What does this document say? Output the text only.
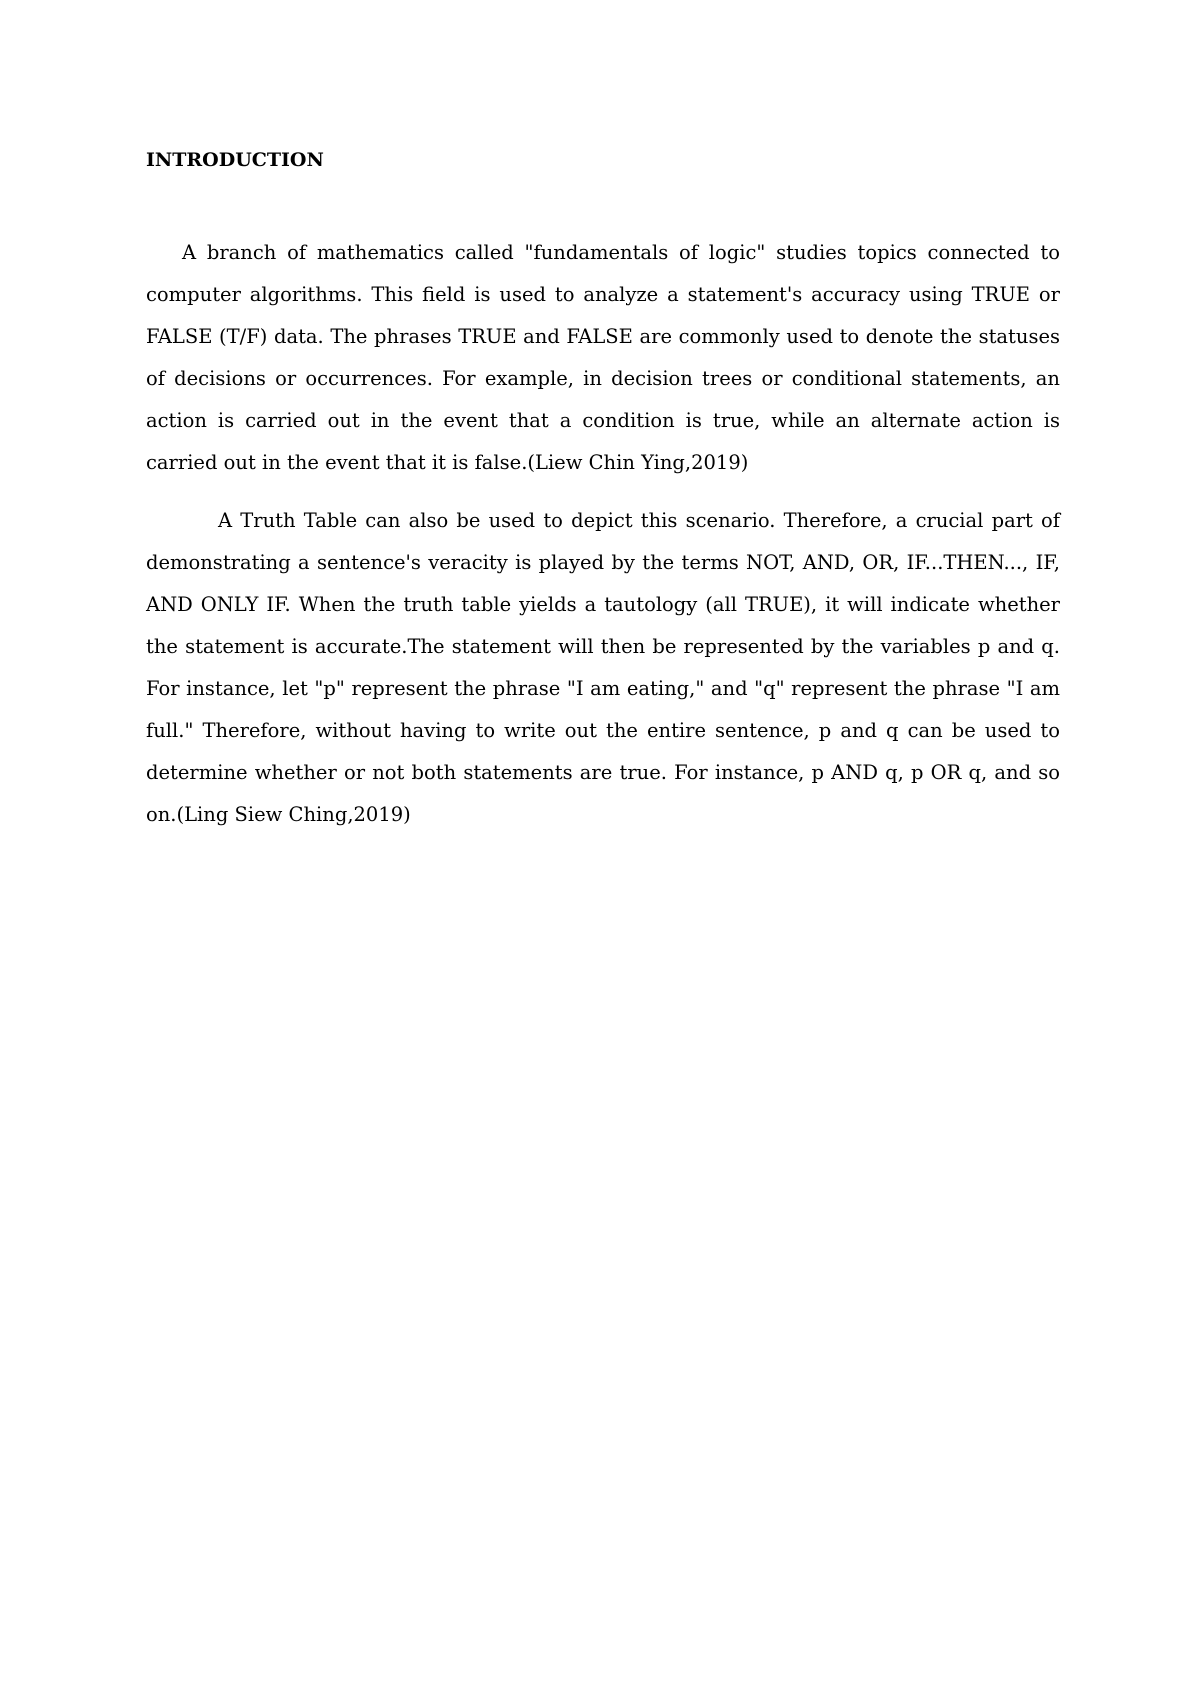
INTRODUCTION

A branch of mathematics called "fundamentals of logic" studies topics connected to computer algorithms. This field is used to analyze a statement's accuracy using TRUE or FALSE (T/F) data. The phrases TRUE and FALSE are commonly used to denote the statuses of decisions or occurrences. For example, in decision trees or conditional statements, an action is carried out in the event that a condition is true, while an alternate action is carried out in the event that it is false.(Liew Chin Ying,2019)

A Truth Table can also be used to depict this scenario. Therefore, a crucial part of demonstrating a sentence's veracity is played by the terms NOT, AND, OR, IF...THEN..., IF, AND ONLY IF. When the truth table yields a tautology (all TRUE), it will indicate whether the statement is accurate.The statement will then be represented by the variables p and q. For instance, let "p" represent the phrase "I am eating," and "q" represent the phrase "I am full." Therefore, without having to write out the entire sentence, p and q can be used to determine whether or not both statements are true. For instance, p AND q, p OR q, and so on.(Ling Siew Ching,2019)
